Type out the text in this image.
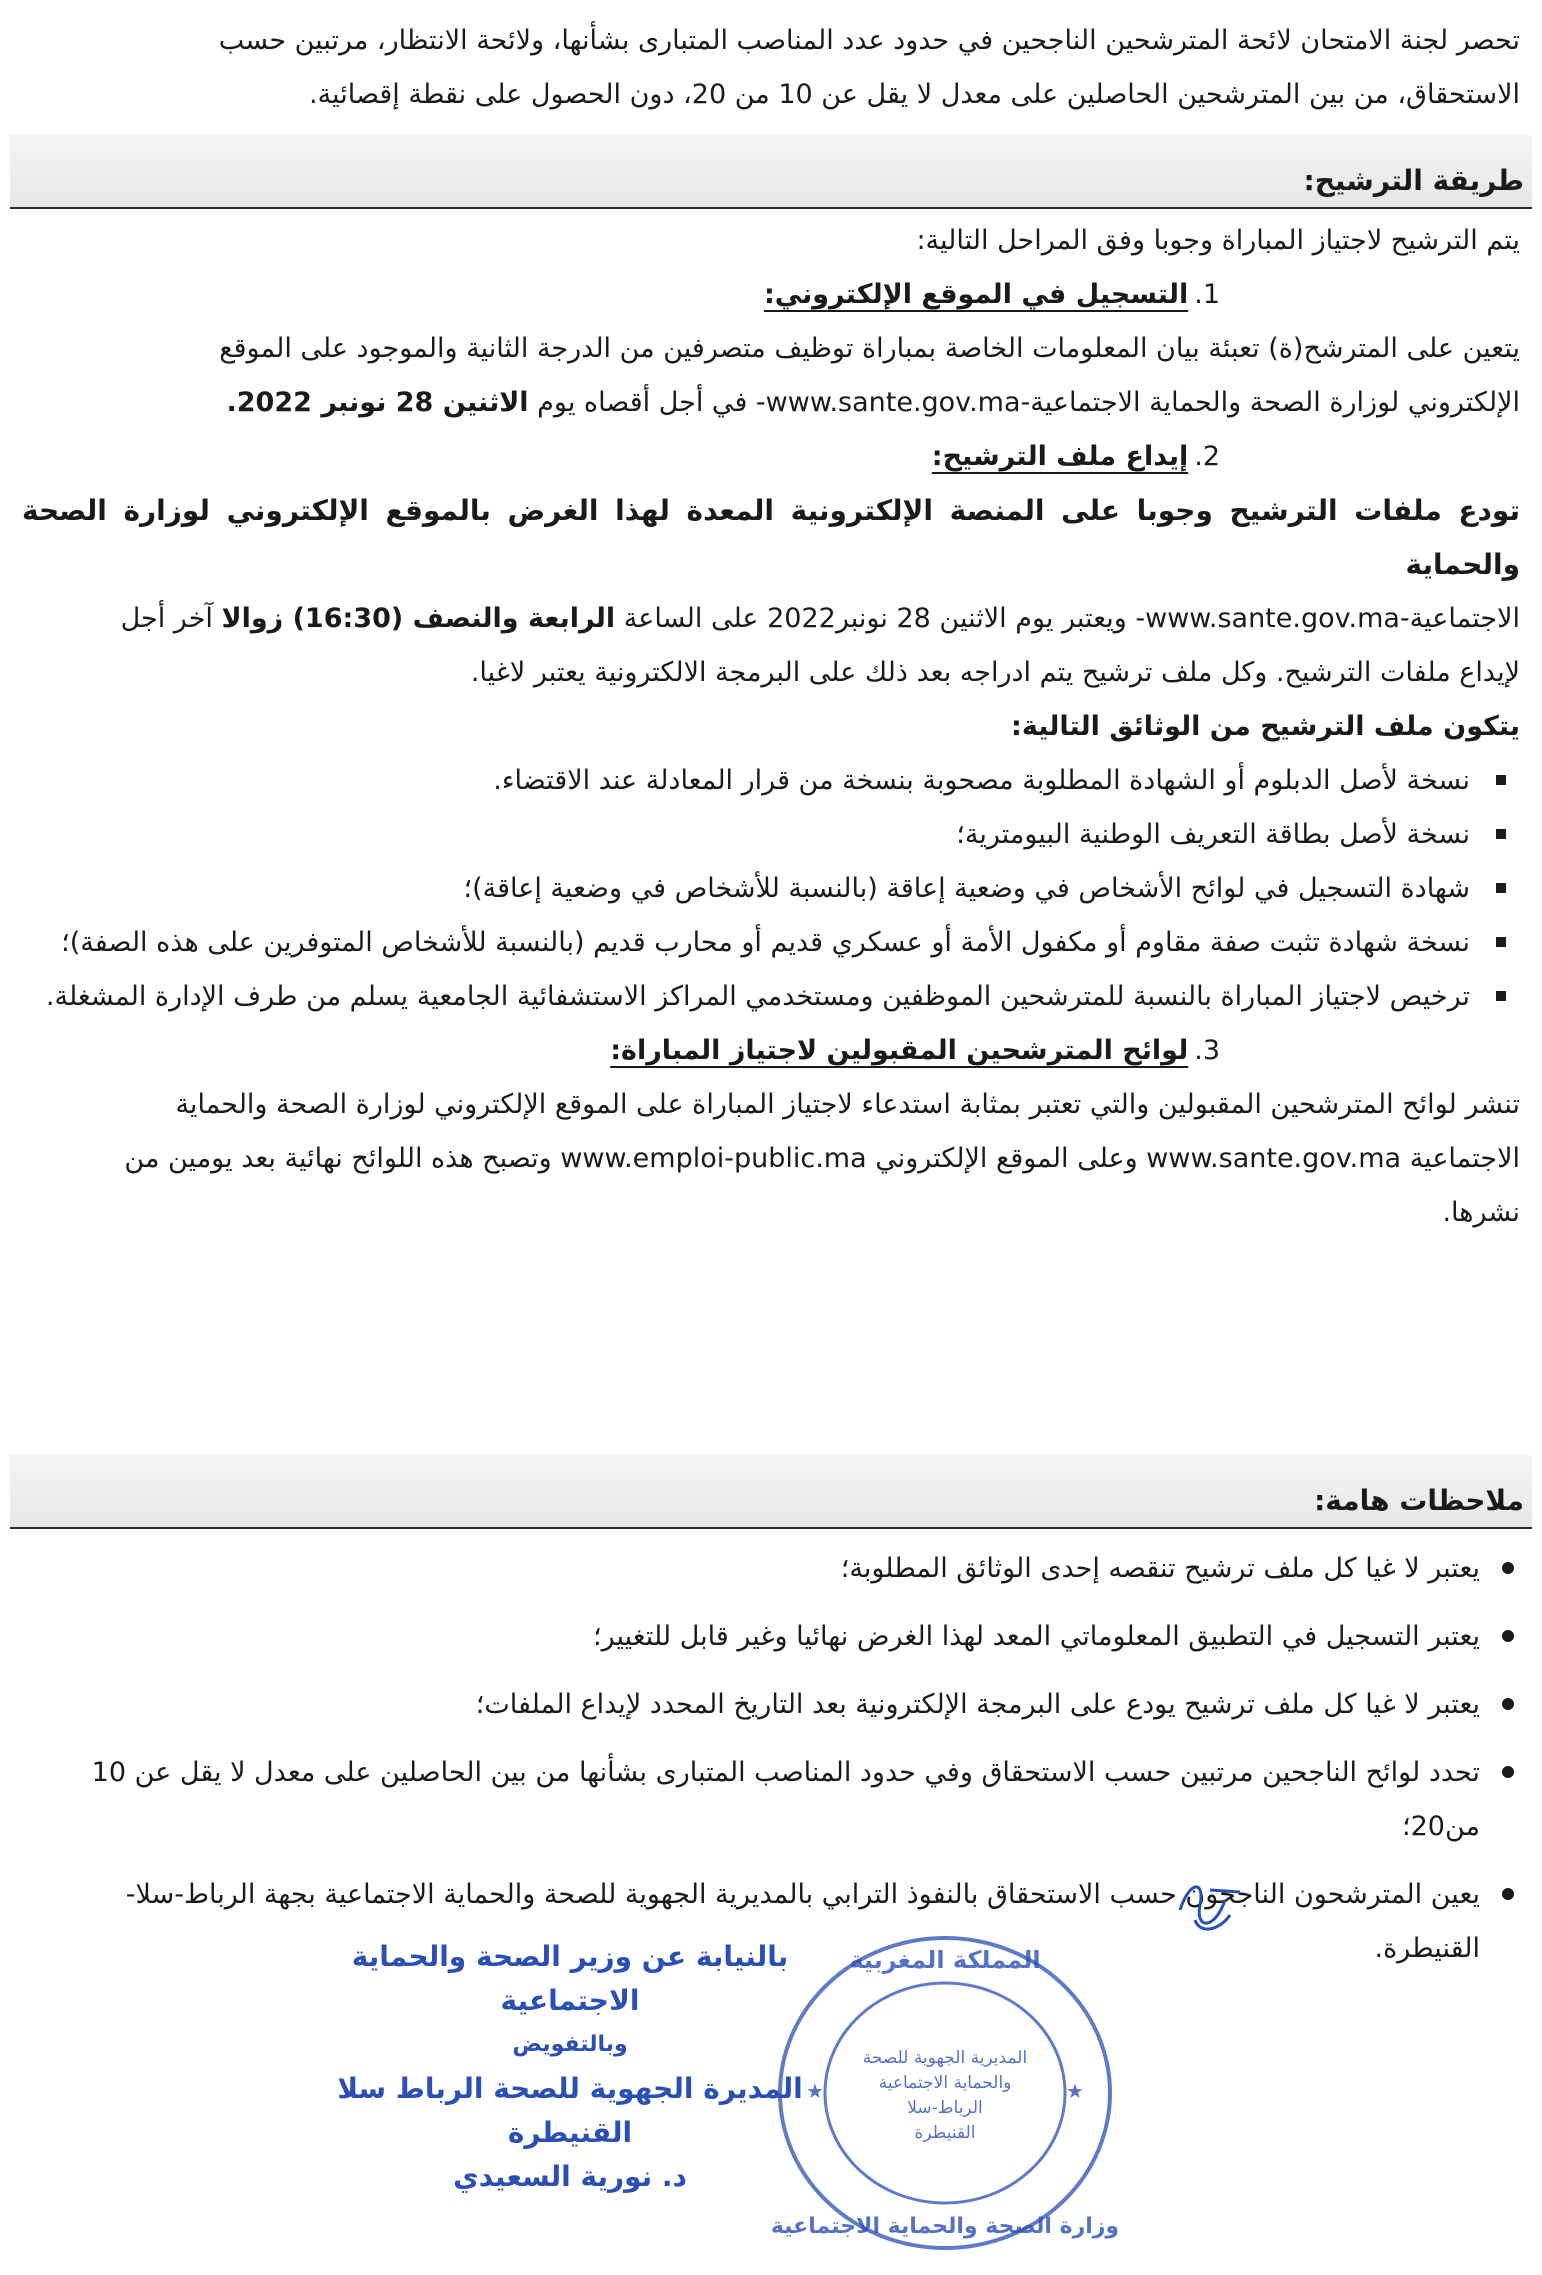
تحصر لجنة الامتحان لائحة المترشحين الناجحين في حدود عدد المناصب المتبارى بشأنها، ولائحة الانتظار، مرتبين حسب

الاستحقاق، من بين المترشحين الحاصلين على معدل لا يقل عن 10 من 20، دون الحصول على نقطة إقصائية.

طريقة الترشيح:

يتم الترشيح لاجتياز المباراة وجوبا وفق المراحل التالية:

1.التسجيل في الموقع الإلكتروني:

يتعين على المترشح(ة) تعبئة بيان المعلومات الخاصة بمباراة توظيف متصرفين من الدرجة الثانية والموجود على الموقع

الإلكتروني لوزارة الصحة والحماية الاجتماعية-www.sante.gov.ma- في أجل أقصاه يوم الاثنين 28 نونبر 2022.

2.إيداع ملف الترشيح:

تودع ملفات الترشيح وجوبا على المنصة الإلكترونية المعدة لهذا الغرض بالموقع الإلكتروني لوزارة الصحة والحماية

الاجتماعية-www.sante.gov.ma- ويعتبر يوم الاثنين 28 نونبر2022 على الساعة الرابعة والنصف (16:30) زوالا آخر أجل

لإيداع ملفات الترشيح. وكل ملف ترشيح يتم ادراجه بعد ذلك على البرمجة الالكترونية يعتبر لاغيا.

يتكون ملف الترشيح من الوثائق التالية:

نسخة لأصل الدبلوم أو الشهادة المطلوبة مصحوبة بنسخة من قرار المعادلة عند الاقتضاء.
نسخة لأصل بطاقة التعريف الوطنية البيومترية؛
شهادة التسجيل في لوائح الأشخاص في وضعية إعاقة (بالنسبة للأشخاص في وضعية إعاقة)؛
نسخة شهادة تثبت صفة مقاوم أو مكفول الأمة أو عسكري قديم أو محارب قديم (بالنسبة للأشخاص المتوفرين على هذه الصفة)؛
ترخيص لاجتياز المباراة بالنسبة للمترشحين الموظفين ومستخدمي المراكز الاستشفائية الجامعية يسلم من طرف الإدارة المشغلة.
3.لوائح المترشحين المقبولين لاجتياز المباراة:

تنشر لوائح المترشحين المقبولين والتي تعتبر بمثابة استدعاء لاجتياز المباراة على الموقع الإلكتروني لوزارة الصحة والحماية

الاجتماعية www.sante.gov.ma وعلى الموقع الإلكتروني www.emploi-public.ma وتصبح هذه اللوائح نهائية بعد يومين من

نشرها.

ملاحظات هامة:
يعتبر لا غيا كل ملف ترشيح تنقصه إحدى الوثائق المطلوبة؛
يعتبر التسجيل في التطبيق المعلوماتي المعد لهذا الغرض نهائيا وغير قابل للتغيير؛
يعتبر لا غيا كل ملف ترشيح يودع على البرمجة الإلكترونية بعد التاريخ المحدد لإيداع الملفات؛
تحدد لوائح الناجحين مرتبين حسب الاستحقاق وفي حدود المناصب المتبارى بشأنها من بين الحاصلين على معدل لا يقل عن 10 من20؛
يعين المترشحون الناجحون حسب الاستحقاق بالنفوذ الترابي بالمديرية الجهوية للصحة والحماية الاجتماعية بجهة الرباط-سلا-القنيطرة.
بالنيابة عن وزير الصحة والحماية الاجتماعية
وبالتفويض
المديرة الجهوية للصحة الرباط سلا القنيطرة
د. نورية السعيدي
المملكة المغربية
المديرية الجهوية للصحة
والحماية الاجتماعية
الرباط-سلا
القنيطرة
وزارة الصحة والحماية الاجتماعية
★	★
